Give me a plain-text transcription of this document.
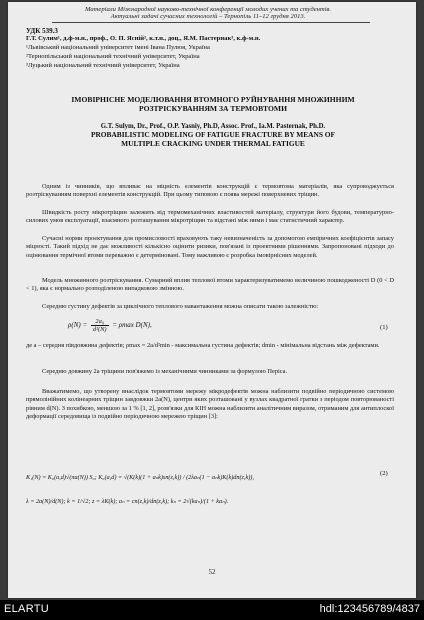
Матеріали Міжнародної науково-технічної конференції молодих учених та студентів.
Актуальні задачі сучасних технологій – Тернопіль 11–12 грудня 2013.
УДК 539.3
Г.Т. Сулим¹, д.ф-м.н., проф., О. П. Ясній², к.т.н., доц., Я.М. Пастернак³, к.ф-м.н.
¹Львівський національний університет імені Івана Пулюя, Україна
²Тернопільський національний технічний університет, Україна
³Луцький національний технічний університет, Україна
ІМОВІРНІСНЕ МОДЕЛЮВАННЯ ВТОМНОГО РУЙНУВАННЯ МНОЖИННИМ
РОЗТРІСКУВАННЯМ ЗА ТЕРМОВТОМИ
G.T. Sulym, Dr., Prof., O.P. Yasniy, Ph.D, Assoc. Prof., Ia.M. Pasternak, Ph.D.
PROBABILISTIC MODELING OF FATIGUE FRACTURE BY MEANS OF
MULTIPLE CRACKING UNDER THERMAL FATIGUE
Одним із чинників, що впливає на міцність елементів конструкцій є термовтома матеріалів, яка супроводжується розтріскуванням поверхні елементів конструкцій. При цьому типовою є поява мережі поверхневих тріщин.
Швидкість росту мікротріщин залежить від термомеханічних властивостей матеріалу, структури його будови, температурно-силових умов експлуатації, взаємного розташування мікротріщин та відстані між ними і має статистичний характер.
Сучасні норми проектування для промисловості враховують таку невизначеність за допомогою емпіричних коефіцієнтів запасу міцності. Такий підхід не дає можливості кількісно оцінити ризики, пов'язані із проектними рішеннями. Запропоновані підходи до оцінювання термічної втоми переважно є детерміновані. Тому важливою є розробка імовірнісних моделей.
Модель множинного розтріскування. Сумарний вплив теплової втоми характеризуватимемо величиною пошкодженості D (0 < D < 1), яка є нормально розподіленою випадковою змінною.
Середню густину дефектів за циклічного теплового навантаження можна описати такою залежністю:
$\rho(N) = \frac{\text{2a₀}}{\text{d²(N)}} = \rho\max$ D(N),	(1)
де a – середня півдовжина дефектів; ρmax = 2a/d²min - максимальна густина дефектів; dmin - мінімальна відстань між дефектами.
Середню довжину 2a тріщини пов'яжемо із механічними чинниками за формулою Періса.
Вважатимемо, що утворену внаслідок термовтоми мережу мікродефектів можна наблизити подвійно періодичною системою прямолінійних колінеарних тріщин завдовжки 2a(N), центри яких розташовані у вузлах квадратної гратки з періодом повторюваності рівним d(N). З похибкою, меншою за 1 % [1, 2], розв'язки для КІН можна наблизити аналітичним виразом, отриманим для антиплоскої деформації середовища із подвійно періодичною мережею тріщин [3]:
K₁(N) = K₀(a,d)√(πa(N)) S₀; K₀(a,d) = √(K(k)(1 + aₙk)sn(z,k)) / (2λaₙ(1 − aₙk)K(k)dn(z,k)),
(2)
λ = 2a(N)/d(N); k = 1/√2; z = λK(k); aₙ = cn(z,k)/dn(z,k); kₙ = 2√(kaₙ)/(1 + kaₙ).
52
ELARTU	hdl:123456789/4837
